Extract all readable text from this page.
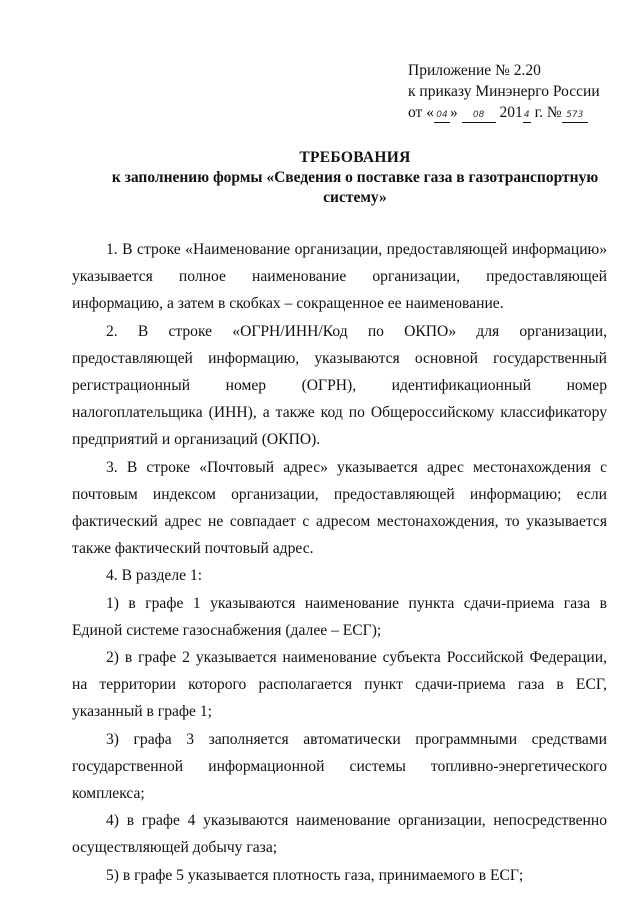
Приложение № 2.20
к приказу Минэнерго России
от « 04 » 08 2014 г. № 573
ТРЕБОВАНИЯ
к заполнению формы «Сведения о поставке газа в газотранспортную
систему»

1. В строке «Наименование организации, предоставляющей информацию» указывается полное наименование организации, предоставляющей информацию, а затем в скобках – сокращенное ее наименование.

2. В строке «ОГРН/ИНН/Код по ОКПО» для организации, предоставляющей информацию, указываются основной государственный регистрационный номер (ОГРН), идентификационный номер налогоплательщика (ИНН), а также код по Общероссийскому классификатору предприятий и организаций (ОКПО).

3. В строке «Почтовый адрес» указывается адрес местонахождения с почтовым индексом организации, предоставляющей информацию; если фактический адрес не совпадает с адресом местонахождения, то указывается также фактический почтовый адрес.

4. В разделе 1:

1) в графе 1 указываются наименование пункта сдачи-приема газа в Единой системе газоснабжения (далее – ЕСГ);

2) в графе 2 указывается наименование субъекта Российской Федерации, на территории которого располагается пункт сдачи-приема газа в ЕСГ, указанный в графе 1;

3) графа 3 заполняется автоматически программными средствами государственной информационной системы топливно-энергетического комплекса;

4) в графе 4 указываются наименование организации, непосредственно осуществляющей добычу газа;

5) в графе 5 указывается плотность газа, принимаемого в ЕСГ;
